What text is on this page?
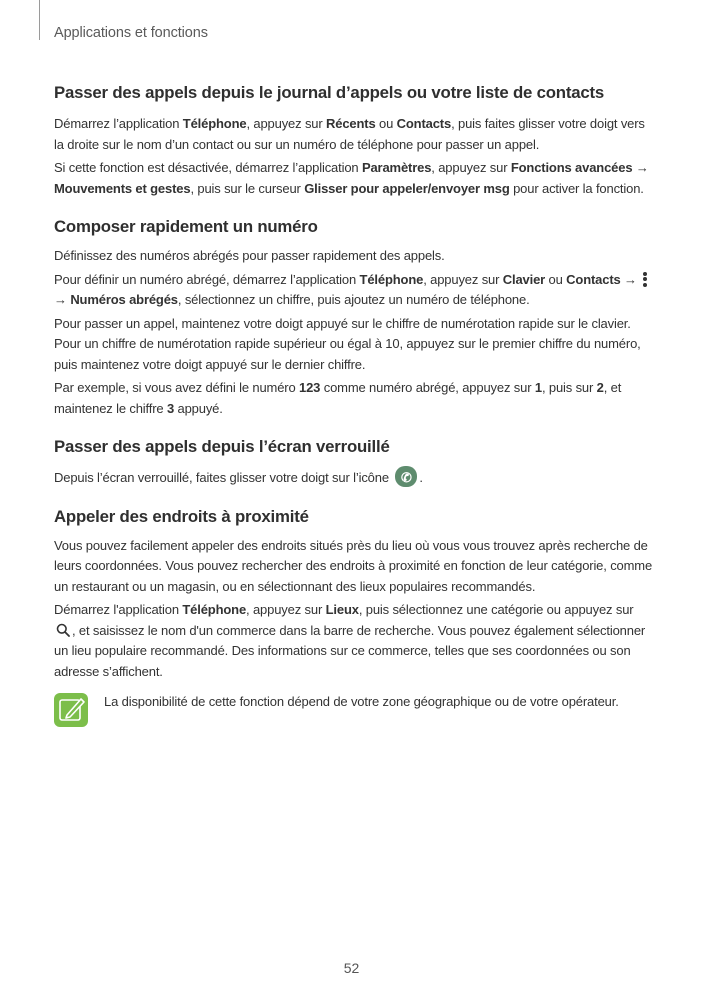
Applications et fonctions
Passer des appels depuis le journal d’appels ou votre liste de contacts

Démarrez l’application Téléphone, appuyez sur Récents ou Contacts, puis faites glisser votre doigt vers la droite sur le nom d’un contact ou sur un numéro de téléphone pour passer un appel.

Si cette fonction est désactivée, démarrez l’application Paramètres, appuyez sur Fonctions avancées → Mouvements et gestes, puis sur le curseur Glisser pour appeler/envoyer msg pour activer la fonction.

Composer rapidement un numéro

Définissez des numéros abrégés pour passer rapidement des appels.

Pour définir un numéro abrégé, démarrez l’application Téléphone, appuyez sur Clavier ou Contacts →
→ Numéros abrégés, sélectionnez un chiffre, puis ajoutez un numéro de téléphone.

Pour passer un appel, maintenez votre doigt appuyé sur le chiffre de numérotation rapide sur le clavier. Pour un chiffre de numérotation rapide supérieur ou égal à 10, appuyez sur le premier chiffre du numéro, puis maintenez votre doigt appuyé sur le dernier chiffre.

Par exemple, si vous avez défini le numéro 123 comme numéro abrégé, appuyez sur 1, puis sur 2, et maintenez le chiffre 3 appuyé.

Passer des appels depuis l’écran verrouillé

Depuis l’écran verrouillé, faites glisser votre doigt sur l’icône ✆ .

Appeler des endroits à proximité

Vous pouvez facilement appeler des endroits situés près du lieu où vous vous trouvez après recherche de leurs coordonnées. Vous pouvez rechercher des endroits à proximité en fonction de leur catégorie, comme un restaurant ou un magasin, ou en sélectionnant des lieux populaires recommandés.

Démarrez l'application Téléphone, appuyez sur Lieux, puis sélectionnez une catégorie ou appuyez sur , et saisissez le nom d'un commerce dans la barre de recherche. Vous pouvez également sélectionner un lieu populaire recommandé. Des informations sur ce commerce, telles que ses coordonnées ou son adresse s’affichent.

La disponibilité de cette fonction dépend de votre zone géographique ou de votre opérateur.

52
